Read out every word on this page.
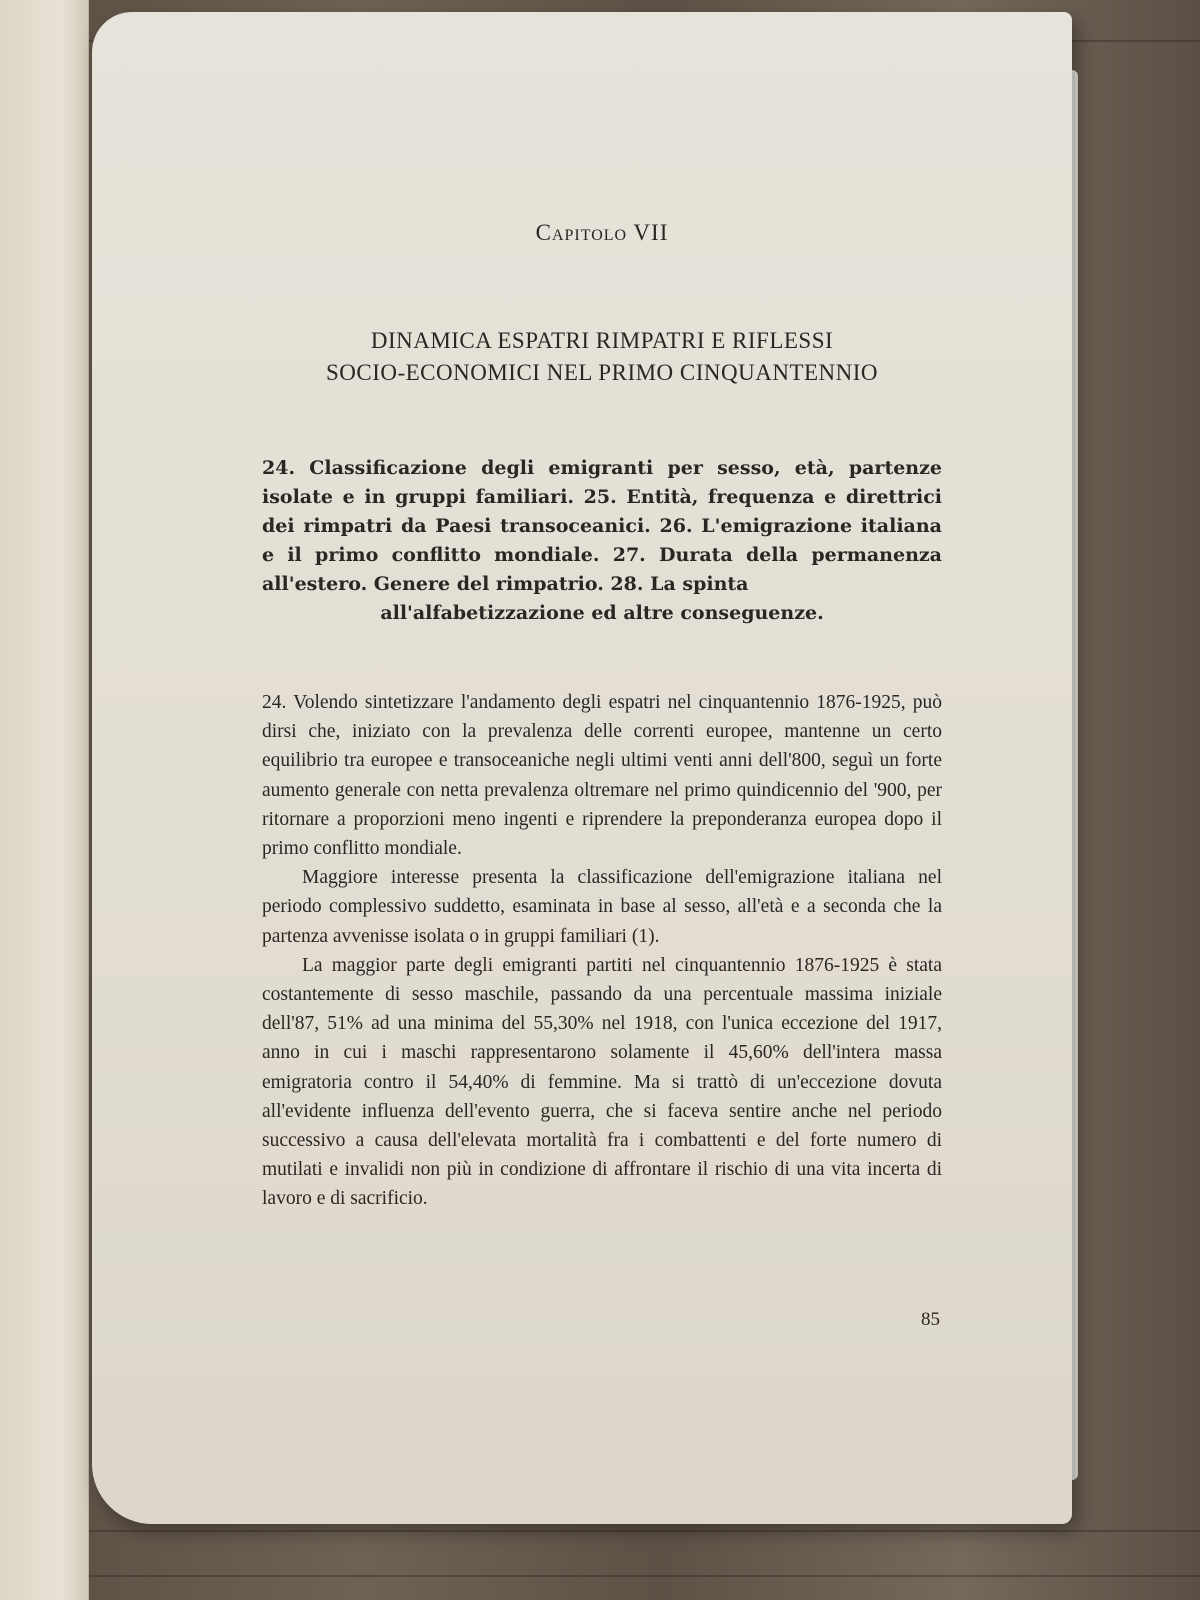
Capitolo VII
DINAMICA ESPATRI RIMPATRI E RIFLESSI
SOCIO-ECONOMICI NEL PRIMO CINQUANTENNIO
24. Classificazione degli emigranti per sesso, età, partenze isolate e in gruppi familiari. 25. Entità, frequenza e direttrici dei rimpatri da Paesi transoceanici. 26. L'emigrazione italiana e il primo conflitto mondiale. 27. Durata della permanenza all'estero. Genere del rimpatrio. 28. La spinta
all'alfabetizzazione ed altre conseguenze.

24. Volendo sintetizzare l'andamento degli espatri nel cinquantennio 1876-1925, può dirsi che, iniziato con la prevalenza delle correnti europee, mantenne un certo equilibrio tra europee e transoceaniche negli ultimi venti anni dell'800, seguì un forte aumento generale con netta prevalenza oltremare nel primo quindicennio del '900, per ritornare a proporzioni meno ingenti e riprendere la preponderanza europea dopo il primo conflitto mondiale.

Maggiore interesse presenta la classificazione dell'emigrazione italiana nel periodo complessivo suddetto, esaminata in base al sesso, all'età e a seconda che la partenza avvenisse isolata o in gruppi familiari (1).

La maggior parte degli emigranti partiti nel cinquantennio 1876-1925 è stata costantemente di sesso maschile, passando da una percentuale massima iniziale dell'87, 51% ad una minima del 55,30% nel 1918, con l'unica eccezione del 1917, anno in cui i maschi rappresentarono solamente il 45,60% dell'intera massa emigratoria contro il 54,40% di femmine. Ma si trattò di un'eccezione dovuta all'evidente influenza dell'evento guerra, che si faceva sentire anche nel periodo successivo a causa dell'elevata mortalità fra i combattenti e del forte numero di mutilati e invalidi non più in condizione di affrontare il rischio di una vita incerta di lavoro e di sacrificio.

85
